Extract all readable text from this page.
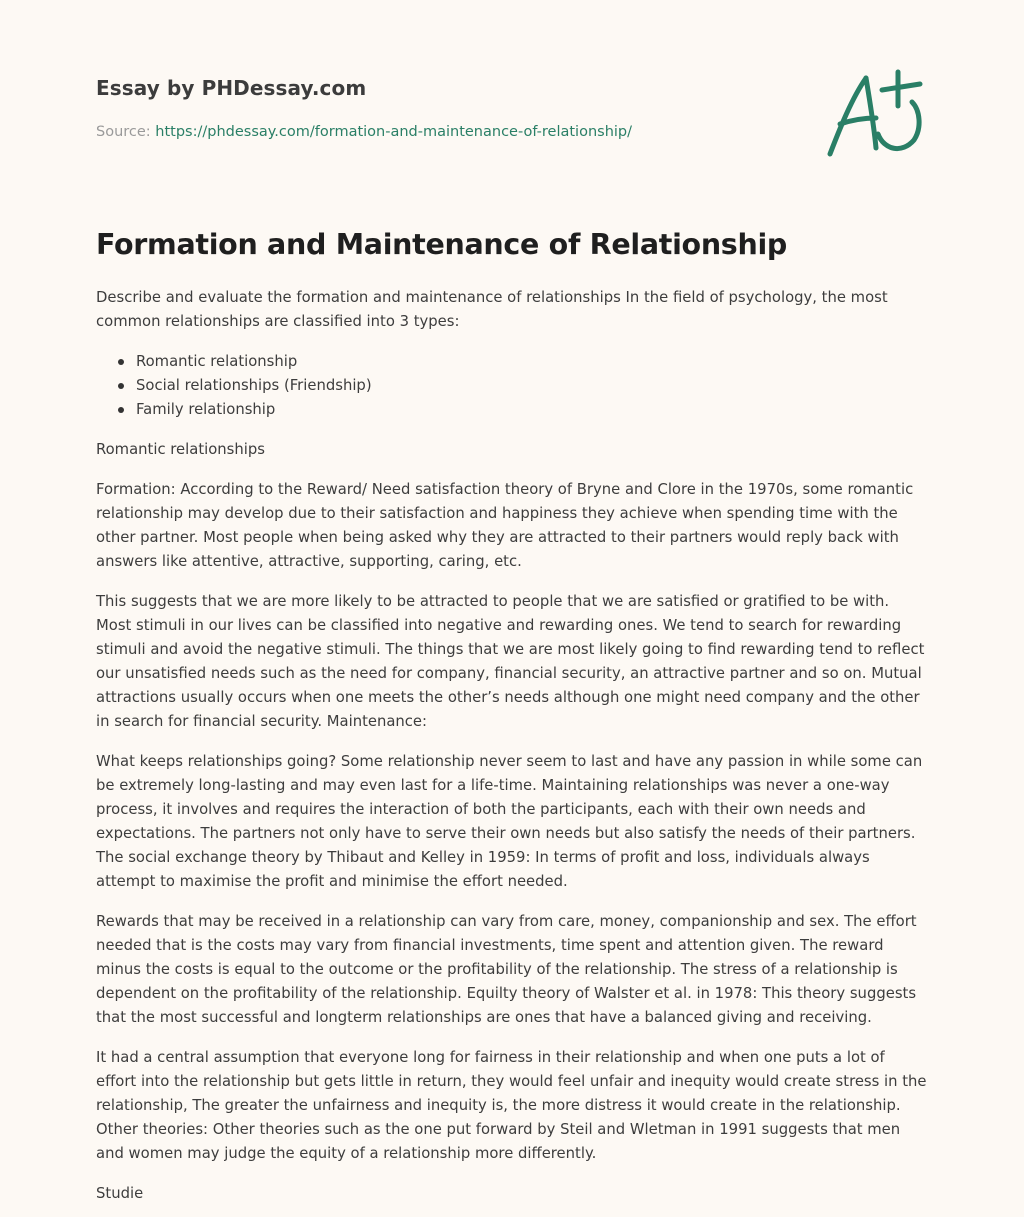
Essay by PHDessay.com
Source: https://phdessay.com/formation-and-maintenance-of-relationship/
Formation and Maintenance of Relationship

Describe and evaluate the formation and maintenance of relationships In the field of psychology, the most common relationships are classified into 3 types:

Romantic relationship
Social relationships (Friendship)
Family relationship

Romantic relationships

Formation: According to the Reward/ Need satisfaction theory of Bryne and Clore in the 1970s, some romantic relationship may develop due to their satisfaction and happiness they achieve when spending time with the other partner. Most people when being asked why they are attracted to their partners would reply back with answers like attentive, attractive, supporting, caring, etc.

This suggests that we are more likely to be attracted to people that we are satisfied or gratified to be with. Most stimuli in our lives can be classified into negative and rewarding ones. We tend to search for rewarding stimuli and avoid the negative stimuli. The things that we are most likely going to find rewarding tend to reflect our unsatisfied needs such as the need for company, financial security, an attractive partner and so on. Mutual attractions usually occurs when one meets the other’s needs although one might need company and the other in search for financial security. Maintenance:

What keeps relationships going? Some relationship never seem to last and have any passion in while some can be extremely long-lasting and may even last for a life-time. Maintaining relationships was never a one-way process, it involves and requires the interaction of both the participants, each with their own needs and expectations. The partners not only have to serve their own needs but also satisfy the needs of their partners. The social exchange theory by Thibaut and Kelley in 1959: In terms of profit and loss, individuals always attempt to maximise the profit and minimise the effort needed.

Rewards that may be received in a relationship can vary from care, money, companionship and sex. The effort needed that is the costs may vary from financial investments, time spent and attention given. The reward minus the costs is equal to the outcome or the profitability of the relationship. The stress of a relationship is dependent on the profitability of the relationship. Equilty theory of Walster et al. in 1978: This theory suggests that the most successful and longterm relationships are ones that have a balanced giving and receiving.

It had a central assumption that everyone long for fairness in their relationship and when one puts a lot of effort into the relationship but gets little in return, they would feel unfair and inequity would create stress in the relationship, The greater the unfairness and inequity is, the more distress it would create in the relationship. Other theories: Other theories such as the one put forward by Steil and Wletman in 1991 suggests that men and women may judge the equity of a relationship more differently.

Studie
